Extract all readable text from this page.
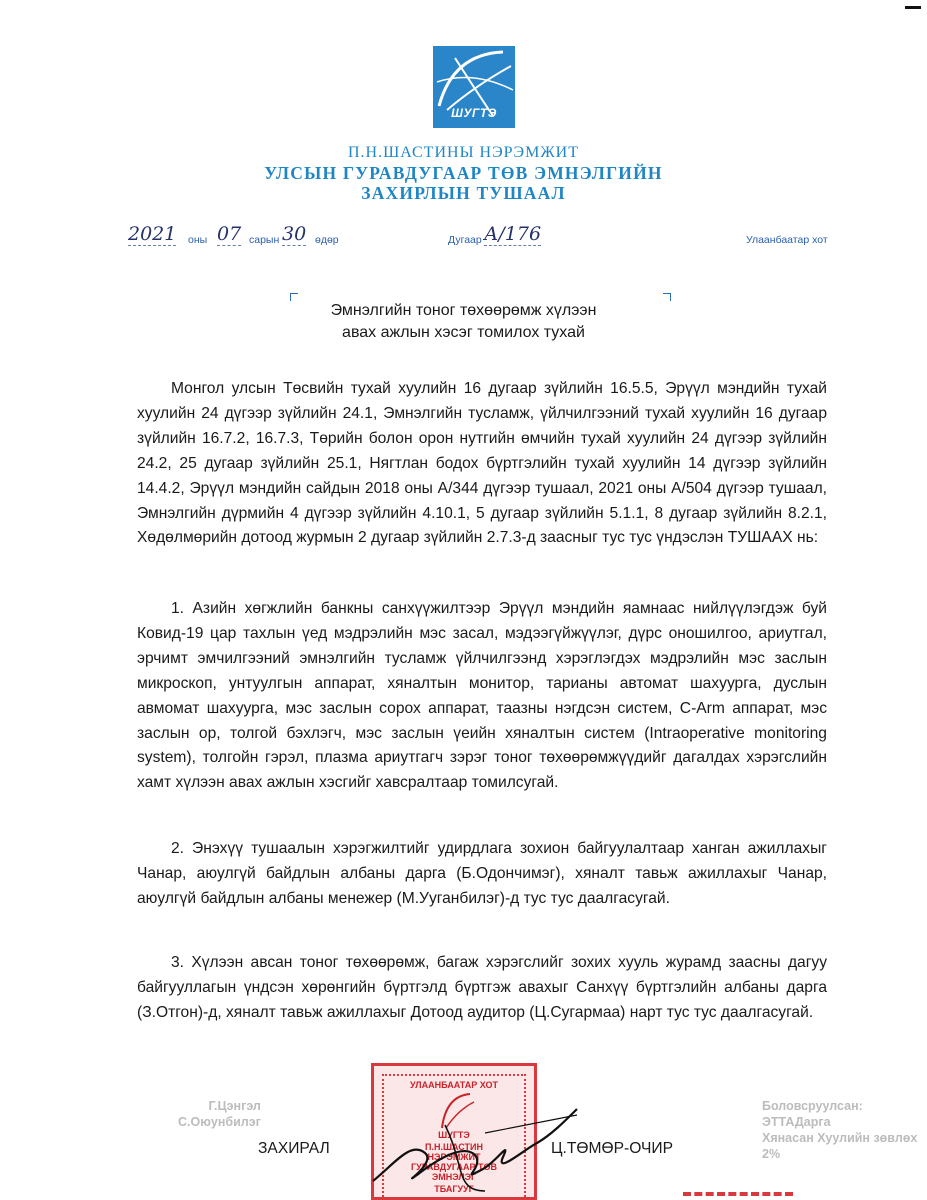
ШУГТЭ
П.Н.ШАСТИНЫ НЭРЭМЖИТ
УЛСЫН ГУРАВДУГААР ТӨВ ЭМНЭЛГИЙН
ЗАХИРЛЫН ТУШААЛ
2021 оны 07 сарын 30 өдөр	Дугаар А/176	Улаанбаатар хот
Эмнэлгийн тоног төхөөрөмж хүлээн
авах ажлын хэсэг томилох тухай
Монгол улсын Төсвийн тухай хуулийн 16 дугаар зүйлийн 16.5.5, Эрүүл мэндийн тухай хуулийн 24 дүгээр зүйлийн 24.1, Эмнэлгийн тусламж, үйлчилгээний тухай хуулийн 16 дугаар зүйлийн 16.7.2, 16.7.3, Төрийн болон орон нутгийн өмчийн тухай хуулийн 24 дүгээр зүйлийн 24.2, 25 дугаар зүйлийн 25.1, Нягтлан бодох бүртгэлийн тухай хуулийн 14 дүгээр зүйлийн 14.4.2, Эрүүл мэндийн сайдын 2018 оны А/344 дүгээр тушаал, 2021 оны А/504 дүгээр тушаал, Эмнэлгийн дүрмийн 4 дүгээр зүйлийн 4.10.1, 5 дугаар зүйлийн 5.1.1, 8 дугаар зүйлийн 8.2.1, Хөдөлмөрийн дотоод журмын 2 дугаар зүйлийн 2.7.3-д заасныг тус тус үндэслэн ТУШААХ нь:
1. Азийн хөгжлийн банкны санхүүжилтээр Эрүүл мэндийн яамнаас нийлүүлэгдэж буй Ковид-19 цар тахлын үед мэдрэлийн мэс засал, мэдээгүйжүүлэг, дүрс оношилгоо, ариутгал, эрчимт эмчилгээний эмнэлгийн тусламж үйлчилгээнд хэрэглэгдэх мэдрэлийн мэс заслын микроскоп, унтуулгын аппарат, хяналтын монитор, тарианы автомат шахуурга, дуслын авмомат шахуурга, мэс заслын сорох аппарат, таазны нэгдсэн систем, C-Arm аппарат, мэс заслын ор, толгой бэхлэгч, мэс заслын үеийн хяналтын систем (Intraoperative monitoring system), толгойн гэрэл, плазма ариутгагч зэрэг тоног төхөөрөмжүүдийг дагалдах хэрэгслийн хамт хүлээн авах ажлын хэсгийг хавсралтаар томилсугай.
2. Энэхүү тушаалын хэрэгжилтийг удирдлага зохион байгуулалтаар ханган ажиллахыг Чанар, аюулгүй байдлын албаны дарга (Б.Одончимэг), хяналт тавьж ажиллахыг Чанар, аюулгүй байдлын албаны менежер (М.Ууганбилэг)-д тус тус даалгасугай.
3. Хүлээн авсан тоног төхөөрөмж, багаж хэрэгслийг зохих хууль журамд заасны дагуу байгууллагын үндсэн хөрөнгийн бүртгэлд бүртгэж авахыг Санхүү бүртгэлийн албаны дарга (З.Отгон)-д, хяналт тавьж ажиллахыг Дотоод аудитор (Ц.Сугармаа) нарт тус тус даалгасугай.
Г.Цэнгэл
С.Оюунбилэг
Боловсруулсан: ЭТТАДарга
Хянасан Хуулийн зөвлөх
2%
УЛААНБААТАР ХОТ
ШУГТЭ
П.Н.ШАСТИН
НЭРЭМЖИТ
ГУРАВДУГААР ТӨВ
ЭМНЭЛЭГ
ТБАГУУГ
ЗАХИРАЛ	Ц.ТӨМӨР-ОЧИР
